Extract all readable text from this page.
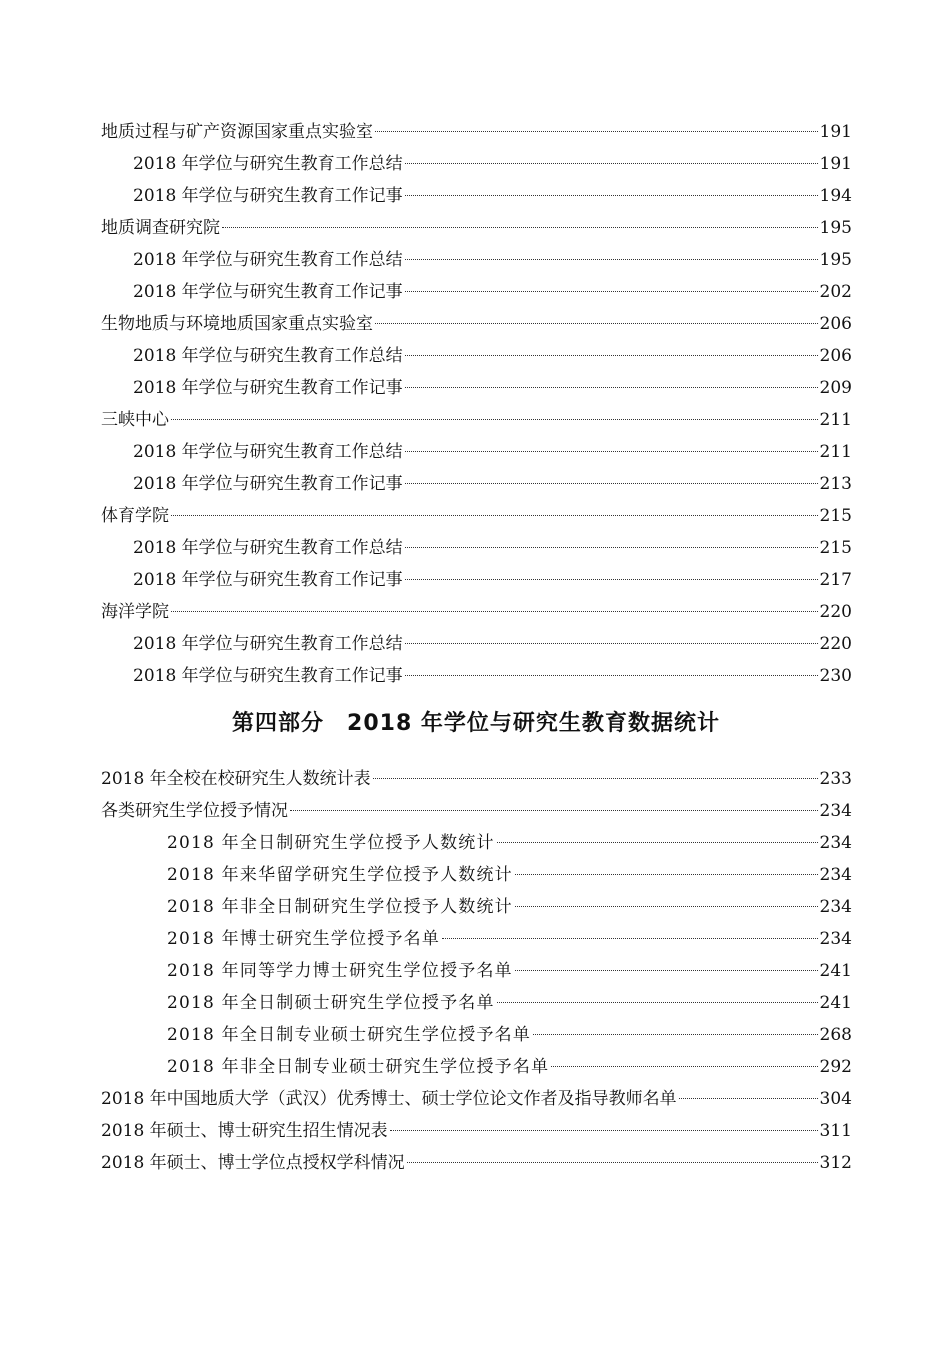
地质过程与矿产资源国家重点实验室	191
2018 年学位与研究生教育工作总结	191
2018 年学位与研究生教育工作记事	194
地质调查研究院	195
2018 年学位与研究生教育工作总结	195
2018 年学位与研究生教育工作记事	202
生物地质与环境地质国家重点实验室	206
2018 年学位与研究生教育工作总结	206
2018 年学位与研究生教育工作记事	209
三峡中心	211
2018 年学位与研究生教育工作总结	211
2018 年学位与研究生教育工作记事	213
体育学院	215
2018 年学位与研究生教育工作总结	215
2018 年学位与研究生教育工作记事	217
海洋学院	220
2018 年学位与研究生教育工作总结	220
2018 年学位与研究生教育工作记事	230
第四部分　2018 年学位与研究生教育数据统计
2018 年全校在校研究生人数统计表	233
各类研究生学位授予情况	234
2018 年全日制研究生学位授予人数统计	234
2018 年来华留学研究生学位授予人数统计	234
2018 年非全日制研究生学位授予人数统计	234
2018 年博士研究生学位授予名单	234
2018 年同等学力博士研究生学位授予名单	241
2018 年全日制硕士研究生学位授予名单	241
2018 年全日制专业硕士研究生学位授予名单	268
2018 年非全日制专业硕士研究生学位授予名单	292
2018 年中国地质大学（武汉）优秀博士、硕士学位论文作者及指导教师名单	304
2018 年硕士、博士研究生招生情况表	311
2018 年硕士、博士学位点授权学科情况	312
